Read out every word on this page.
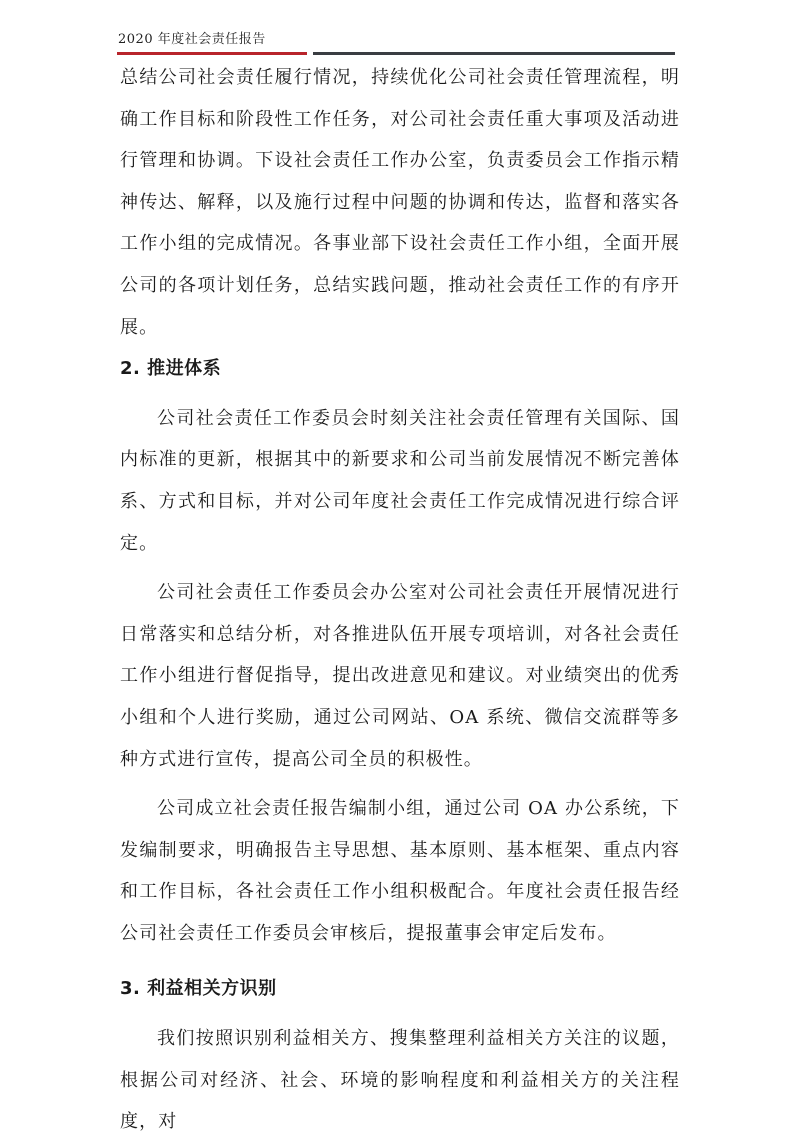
2020 年度社会责任报告

总结公司社会责任履行情况，持续优化公司社会责任管理流程，明确工作目标和阶段性工作任务，对公司社会责任重大事项及活动进行管理和协调。下设社会责任工作办公室，负责委员会工作指示精神传达、解释，以及施行过程中问题的协调和传达，监督和落实各工作小组的完成情况。各事业部下设社会责任工作小组，全面开展公司的各项计划任务，总结实践问题，推动社会责任工作的有序开展。

2. 推进体系

公司社会责任工作委员会时刻关注社会责任管理有关国际、国内标准的更新，根据其中的新要求和公司当前发展情况不断完善体系、方式和目标，并对公司年度社会责任工作完成情况进行综合评定。

公司社会责任工作委员会办公室对公司社会责任开展情况进行日常落实和总结分析，对各推进队伍开展专项培训，对各社会责任工作小组进行督促指导，提出改进意见和建议。对业绩突出的优秀小组和个人进行奖励，通过公司网站、OA 系统、微信交流群等多种方式进行宣传，提高公司全员的积极性。

公司成立社会责任报告编制小组，通过公司 OA 办公系统，下发编制要求，明确报告主导思想、基本原则、基本框架、重点内容和工作目标，各社会责任工作小组积极配合。年度社会责任报告经公司社会责任工作委员会审核后，提报董事会审定后发布。

3. 利益相关方识别

我们按照识别利益相关方、搜集整理利益相关方关注的议题，根据公司对经济、社会、环境的影响程度和利益相关方的关注程度，对
